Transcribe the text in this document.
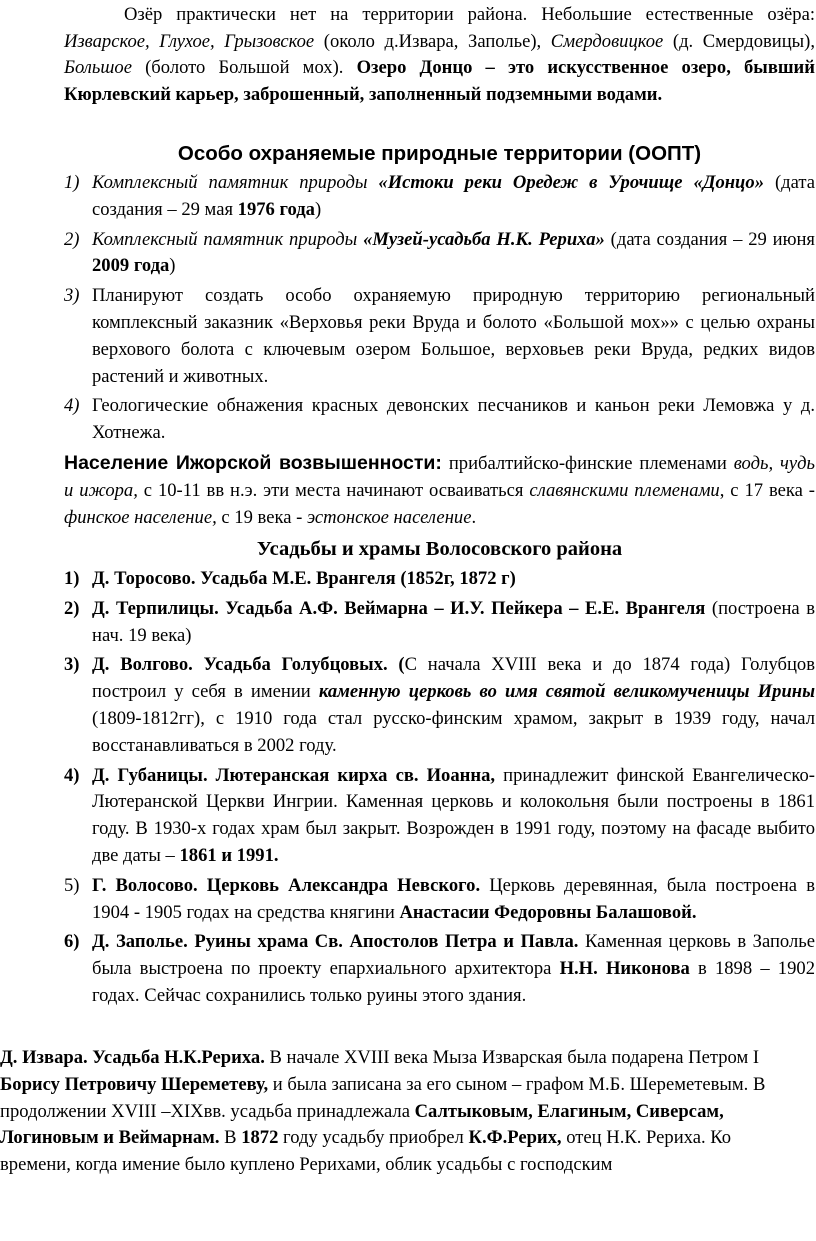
Озёр практически нет на территории района. Небольшие естественные озёра: Изварское, Глухое, Грызовское (около д.Извара, Заполье), Смердовицкое (д. Смердовицы), Большое (болото Большой мох). Озеро Донцо – это искусственное озеро, бывший Кюрлевский карьер, заброшенный, заполненный подземными водами.

Особо охраняемые природные территории (ООПТ)

1) Комплексный памятник природы «Истоки реки Оредеж в Урочище «Донцо» (дата создания – 29 мая 1976 года)
2) Комплексный памятник природы «Музей-усадьба Н.К. Рериха» (дата создания – 29 июня 2009 года)
3) Планируют создать особо охраняемую природную территорию региональный комплексный заказник «Верховья реки Вруда и болото «Большой мох»» с целью охраны верхового болота с ключевым озером Большое, верховьев реки Вруда, редких видов растений и животных.
4) Геологические обнажения красных девонских песчаников и каньон реки Лемовжа у д. Хотнежа.

Население Ижорской возвышенности: прибалтийско-финские племенами водь, чудь и ижора, с 10-11 вв н.э. эти места начинают осваиваться славянскими племенами, с 17 века - финское население, с 19 века - эстонское население.

Усадьбы и храмы Волосовского района

1) Д. Торосово. Усадьба М.Е. Врангеля (1852г, 1872 г)
2) Д. Терпилицы. Усадьба А.Ф. Веймарна – И.У. Пейкера – Е.Е. Врангеля (построена в нач. 19 века)
3) Д. Волгово. Усадьба Голубцовых. (С начала XVIII века и до 1874 года) Голубцов построил у себя в имении каменную церковь во имя святой великомученицы Ирины (1809-1812гг), с 1910 года стал русско-финским храмом, закрыт в 1939 году, начал восстанавливаться в 2002 году.
4) Д. Губаницы. Лютеранская кирха св. Иоанна, принадлежит финской Евангелическо-Лютеранской Церкви Ингрии. Каменная церковь и колокольня были построены в 1861 году. В 1930-х годах храм был закрыт. Возрожден в 1991 году, поэтому на фасаде выбито две даты – 1861 и 1991.
5) Г. Волосово. Церковь Александра Невского. Церковь деревянная, была построена в 1904 - 1905 годах на средства княгини Анастасии Федоровны Балашовой.
6) Д. Заполье. Руины храма Св. Апостолов Петра и Павла. Каменная церковь в Заполье была выстроена по проекту епархиального архитектора Н.Н. Никонова в 1898 – 1902 годах. Сейчас сохранились только руины этого здания.

Д. Извара. Усадьба Н.К.Рериха. В начале XVIII века Мыза Изварская была подарена Петром I Борису Петровичу Шереметеву, и была записана за его сыном – графом М.Б. Шереметевым. В продолжении XVIII –XIXвв. усадьба принадлежала Салтыковым, Елагиным, Сиверсам, Логиновым и Веймарнам. В 1872 году усадьбу приобрел К.Ф.Рерих, отец Н.К. Рериха. Ко времени, когда имение было куплено Рерихами, облик усадьбы с господским
